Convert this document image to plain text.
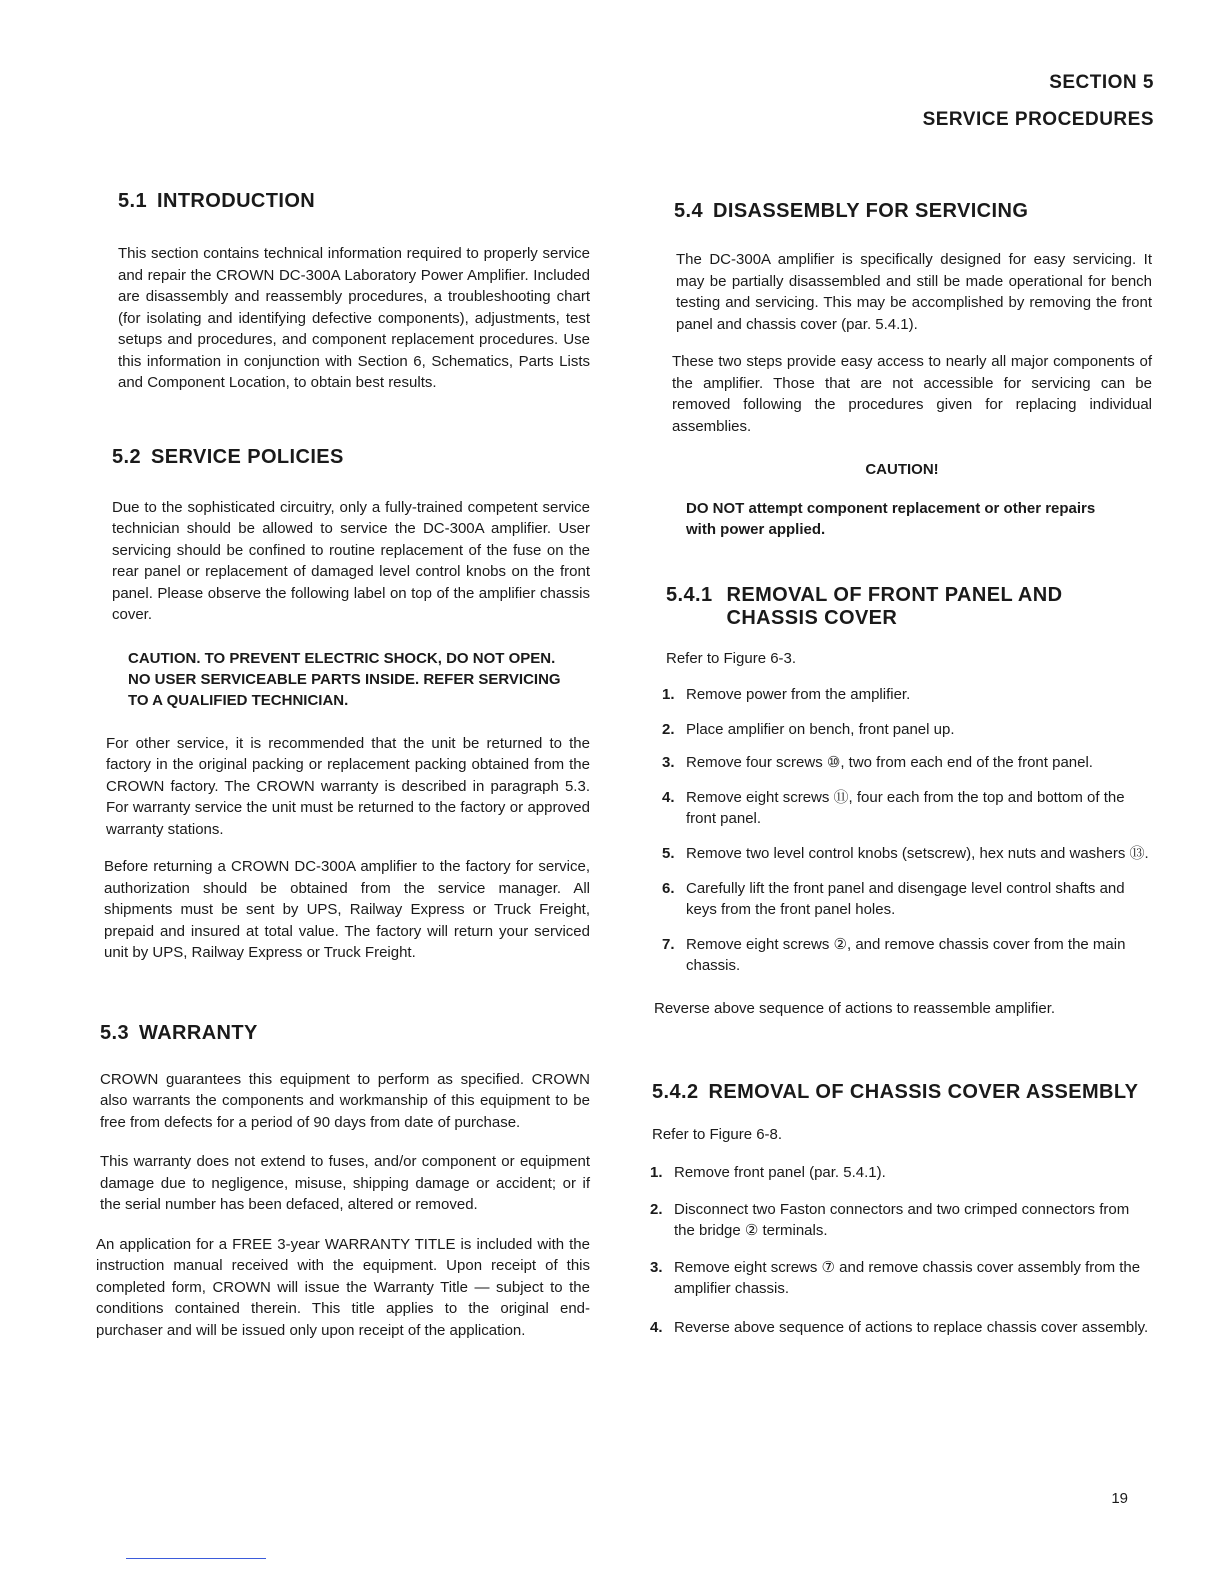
SECTION 5
SERVICE PROCEDURES
5.1 INTRODUCTION

This section contains technical information required to properly service and repair the CROWN DC-300A Laboratory Power Amplifier. Included are disassembly and reassembly procedures, a troubleshooting chart (for isolating and identifying defective components), adjustments, test setups and procedures, and component replacement procedures. Use this information in conjunction with Section 6, Schematics, Parts Lists and Component Location, to obtain best results.

5.2 SERVICE POLICIES

Due to the sophisticated circuitry, only a fully-trained competent service technician should be allowed to service the DC-300A amplifier. User servicing should be confined to routine replacement of the fuse on the rear panel or replacement of damaged level control knobs on the front panel. Please observe the following label on top of the amplifier chassis cover.

CAUTION. TO PREVENT ELECTRIC SHOCK, DO NOT OPEN.
NO USER SERVICEABLE PARTS INSIDE. REFER SERVICING
TO A QUALIFIED TECHNICIAN.

For other service, it is recommended that the unit be returned to the factory in the original packing or replacement packing obtained from the CROWN factory. The CROWN warranty is described in paragraph 5.3. For warranty service the unit must be returned to the factory or approved warranty stations.

Before returning a CROWN DC-300A amplifier to the factory for service, authorization should be obtained from the service manager. All shipments must be sent by UPS, Railway Express or Truck Freight, prepaid and insured at total value. The factory will return your serviced unit by UPS, Railway Express or Truck Freight.

5.3 WARRANTY

CROWN guarantees this equipment to perform as specified. CROWN also warrants the components and workmanship of this equipment to be free from defects for a period of 90 days from date of purchase.

This warranty does not extend to fuses, and/or component or equipment damage due to negligence, misuse, shipping damage or accident; or if the serial number has been defaced, altered or removed.

An application for a FREE 3-year WARRANTY TITLE is included with the instruction manual received with the equipment. Upon receipt of this completed form, CROWN will issue the Warranty Title — subject to the conditions contained therein. This title applies to the original end-purchaser and will be issued only upon receipt of the application.

5.4 DISASSEMBLY FOR SERVICING

The DC-300A amplifier is specifically designed for easy servicing. It may be partially disassembled and still be made operational for bench testing and servicing. This may be accomplished by removing the front panel and chassis cover (par. 5.4.1).

These two steps provide easy access to nearly all major components of the amplifier. Those that are not accessible for servicing can be removed following the procedures given for replacing individual assemblies.

CAUTION!
DO NOT attempt component replacement or other repairs with power applied.
5.4.1 REMOVAL OF FRONT PANEL AND CHASSIS COVER

Refer to Figure 6-3.

1. Remove power from the amplifier.
2. Place amplifier on bench, front panel up.
3. Remove four screws ⑩, two from each end of the front panel.
4. Remove eight screws ⑪, four each from the top and bottom of the front panel.
5. Remove two level control knobs (setscrew), hex nuts and washers ⑬.
6. Carefully lift the front panel and disengage level control shafts and keys from the front panel holes.
7. Remove eight screws ②, and remove chassis cover from the main chassis.

Reverse above sequence of actions to reassemble amplifier.

5.4.2 REMOVAL OF CHASSIS COVER ASSEMBLY

Refer to Figure 6-8.

1. Remove front panel (par. 5.4.1).
2. Disconnect two Faston connectors and two crimped connectors from the bridge ② terminals.
3. Remove eight screws ⑦ and remove chassis cover assembly from the amplifier chassis.
4. Reverse above sequence of actions to replace chassis cover assembly.
19
